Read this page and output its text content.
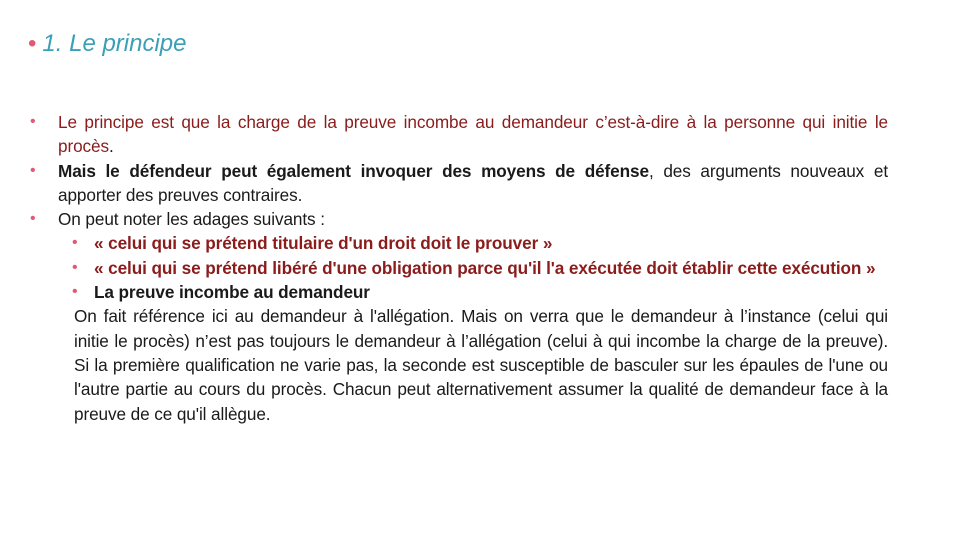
• 1. Le principe
• Le principe est que la charge de la preuve incombe au demandeur c’est-à-dire à la personne qui initie le procès.
• Mais le défendeur peut également invoquer des moyens de défense, des arguments nouveaux et apporter des preuves contraires.
• On peut noter les adages suivants :
• « celui qui se prétend titulaire d'un droit doit le prouver »
• « celui qui se prétend libéré d'une obligation parce qu'il l'a exécutée doit établir cette exécution »
• La preuve incombe au demandeur
On fait référence ici au demandeur à l'allégation. Mais on verra que le demandeur à l’instance (celui qui initie le procès) n’est pas toujours le demandeur à l’allégation (celui à qui incombe la charge de la preuve). Si la première qualification ne varie pas, la seconde est susceptible de basculer sur les épaules de l'une ou l'autre partie au cours du procès. Chacun peut alternativement assumer la qualité de demandeur face à la preuve de ce qu'il allègue.
